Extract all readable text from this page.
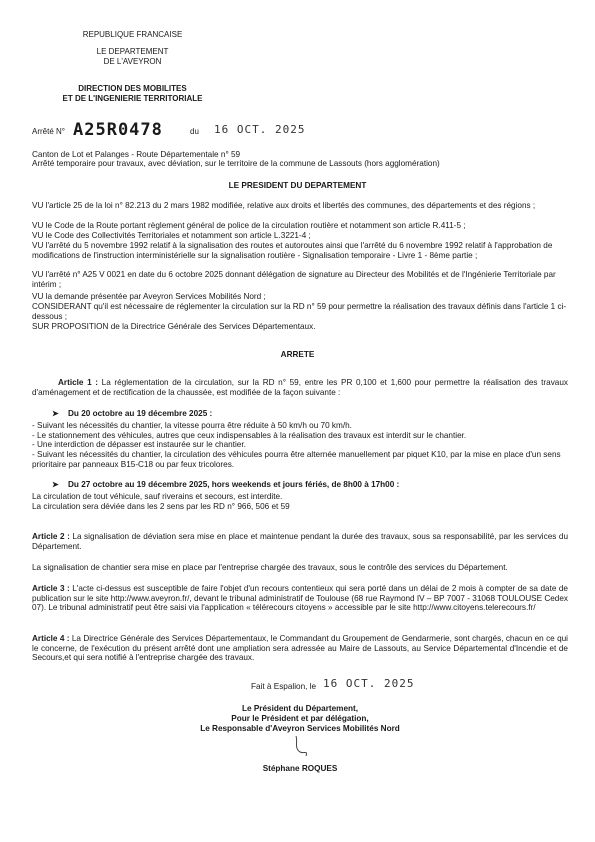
REPUBLIQUE FRANCAISE
LE DEPARTEMENT
DE L'AVEYRON
DIRECTION DES MOBILITES
ET DE L'INGENIERIE TERRITORIALE
Arrêté N° A25R0478	du 16 OCT. 2025
Canton de Lot et Palanges - Route Départementale n° 59
Arrêté temporaire pour travaux, avec déviation, sur le territoire de la commune de Lassouts (hors agglomération)
LE PRESIDENT DU DEPARTEMENT
VU l'article 25 de la loi n° 82.213 du 2 mars 1982 modifiée, relative aux droits et libertés des communes, des départements et des régions ;
VU le Code de la Route portant règlement général de police de la circulation routière et notamment son article R.411-5 ;
VU le Code des Collectivités Territoriales et notamment son article L.3221-4 ;
VU l'arrêté du 5 novembre 1992 relatif à la signalisation des routes et autoroutes ainsi que l'arrêté du 6 novembre 1992 relatif à l'approbation de modifications de l'instruction interministérielle sur la signalisation routière - Signalisation temporaire - Livre 1 - 8ème partie ;
VU l'arrêté n° A25 V 0021 en date du 6 octobre 2025 donnant délégation de signature au Directeur des Mobilités et de l'Ingénierie Territoriale par intérim ;
VU la demande présentée par Aveyron Services Mobilités Nord ;
CONSIDERANT qu'il est nécessaire de réglementer la circulation sur la RD n° 59 pour permettre la réalisation des travaux définis dans l'article 1 ci-dessous ;
SUR PROPOSITION de la Directrice Générale des Services Départementaux.
ARRETE
Article 1 : La réglementation de la circulation, sur la RD n° 59, entre les PR 0,100 et 1,600 pour permettre la réalisation des travaux d'aménagement et de rectification de la chaussée, est modifiée de la façon suivante :
➤ Du 20 octobre au 19 décembre 2025 :
- Suivant les nécessités du chantier, la vitesse pourra être réduite à 50 km/h ou 70 km/h.
- Le stationnement des véhicules, autres que ceux indispensables à la réalisation des travaux est interdit sur le chantier.
- Une interdiction de dépasser est instaurée sur le chantier.
- Suivant les nécessités du chantier, la circulation des véhicules pourra être alternée manuellement par piquet K10, par la mise en place d'un sens prioritaire par panneaux B15-C18 ou par feux tricolores.
➤ Du 27 octobre au 19 décembre 2025, hors weekends et jours fériés, de 8h00 à 17h00 :
La circulation de tout véhicule, sauf riverains et secours, est interdite.
La circulation sera déviée dans les 2 sens par les RD n° 966, 506 et 59
Article 2 : La signalisation de déviation sera mise en place et maintenue pendant la durée des travaux, sous sa responsabilité, par les services du Département.
La signalisation de chantier sera mise en place par l'entreprise chargée des travaux, sous le contrôle des services du Département.
Article 3 : L'acte ci-dessus est susceptible de faire l'objet d'un recours contentieux qui sera porté dans un délai de 2 mois à compter de sa date de publication sur le site http://www.aveyron.fr/, devant le tribunal administratif de Toulouse (68 rue Raymond IV – BP 7007 - 31068 TOULOUSE Cedex 07). Le tribunal administratif peut être saisi via l'application « télérecours citoyens » accessible par le site http://www.citoyens.telerecours.fr/
Article 4 : La Directrice Générale des Services Départementaux, le Commandant du Groupement de Gendarmerie, sont chargés, chacun en ce qui le concerne, de l'exécution du présent arrêté dont une ampliation sera adressée au Maire de Lassouts, au Service Départemental d'Incendie et de Secours,et qui sera notifié à l'entreprise chargée des travaux.
Fait à Espalion, le 16 OCT. 2025
Le Président du Département,
Pour le Président et par délégation,
Le Responsable d'Aveyron Services Mobilités Nord
Stéphane ROQUES
